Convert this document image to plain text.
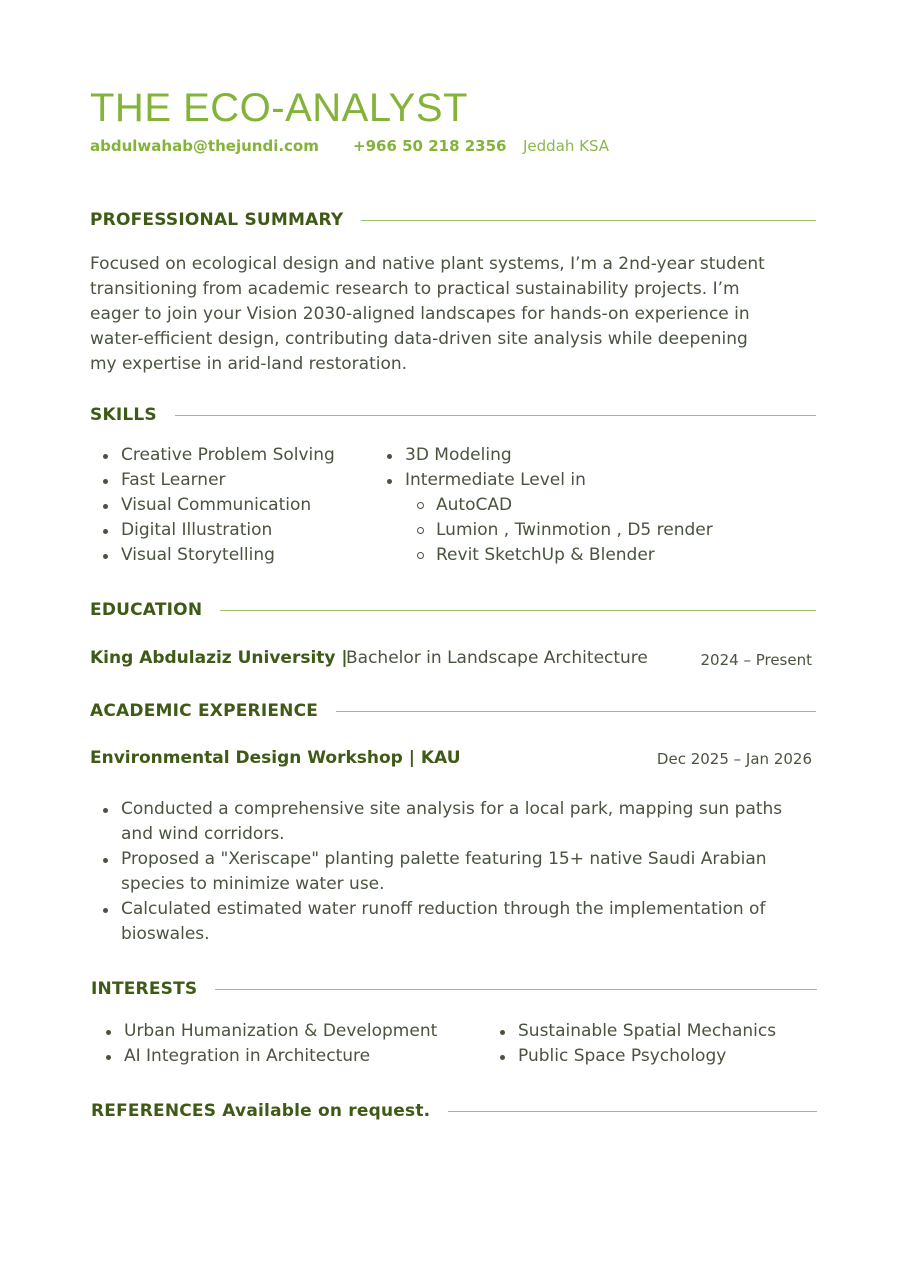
THE ECO-ANALYST
abdulwahab@thejundi.com +966 50 218 2356 Jeddah KSA
PROFESSIONAL SUMMARY

Focused on ecological design and native plant systems, I’m a 2nd-year student

transitioning from academic research to practical sustainability projects. I’m

eager to join your Vision 2030-aligned landscapes for hands-on experience in

water-efficient design, contributing data-driven site analysis while deepening

my expertise in arid-land restoration.

SKILLS
Creative Problem Solving
Fast Learner
Visual Communication
Digital Illustration
Visual Storytelling
3D Modeling
Intermediate Level in
AutoCAD
Lumion , Twinmotion , D5 render
Revit SketchUp & Blender
EDUCATION
King Abdulaziz University |
Bachelor in Landscape Architecture	2024 – Present
ACADEMIC EXPERIENCE
Environmental Design Workshop | KAU	Dec 2025 – Jan 2026
Conducted a comprehensive site analysis for a local park, mapping sun paths and wind corridors.
Proposed a "Xeriscape" planting palette featuring 15+ native Saudi Arabian species to minimize water use.
Calculated estimated water runoff reduction through the implementation of bioswales.
INTERESTS
Urban Humanization & Development
AI Integration in Architecture
Sustainable Spatial Mechanics
Public Space Psychology
REFERENCES Available on request.
